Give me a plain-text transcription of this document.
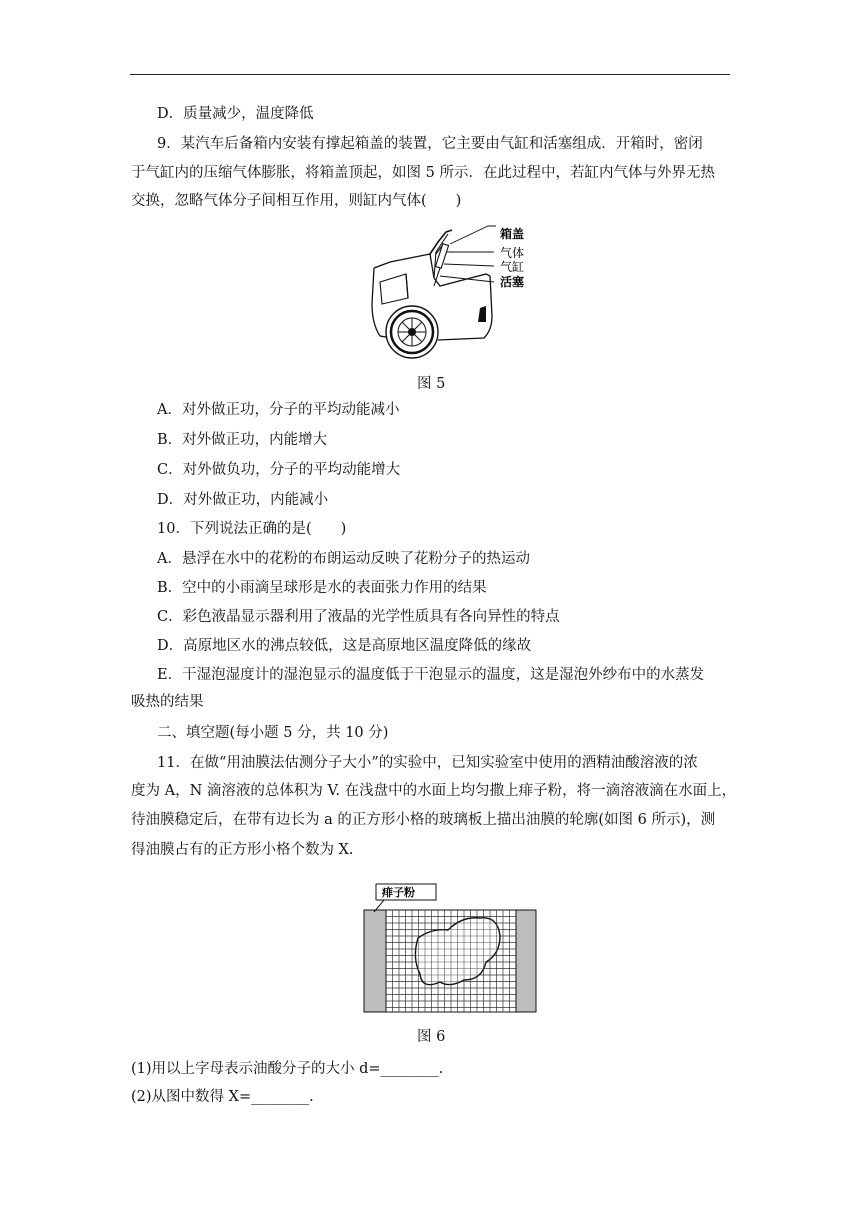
D．质量减少，温度降低
9．某汽车后备箱内安装有撑起箱盖的装置，它主要由气缸和活塞组成．开箱时，密闭
于气缸内的压缩气体膨胀，将箱盖顶起，如图 5 所示．在此过程中，若缸内气体与外界无热
交换，忽略气体分子间相互作用，则缸内气体(　　)
箱盖
气体
气缸
活塞
图 5
A．对外做正功，分子的平均动能减小
B．对外做正功，内能增大
C．对外做负功，分子的平均动能增大
D．对外做正功，内能减小
10．下列说法正确的是(　　)
A．悬浮在水中的花粉的布朗运动反映了花粉分子的热运动
B．空中的小雨滴呈球形是水的表面张力作用的结果
C．彩色液晶显示器利用了液晶的光学性质具有各向异性的特点
D．高原地区水的沸点较低，这是高原地区温度降低的缘故
E．干湿泡湿度计的湿泡显示的温度低于干泡显示的温度，这是湿泡外纱布中的水蒸发
吸热的结果
二、填空题(每小题 5 分，共 10 分)
11．在做“用油膜法估测分子大小”的实验中，已知实验室中使用的酒精油酸溶液的浓
度为 A，N 滴溶液的总体积为 V. 在浅盘中的水面上均匀撒上痱子粉，将一滴溶液滴在水面上，
待油膜稳定后，在带有边长为 a 的正方形小格的玻璃板上描出油膜的轮廓(如图 6 所示)，测
得油膜占有的正方形小格个数为 X.
痱子粉
图 6
(1)用以上字母表示油酸分子的大小 d=________.
(2)从图中数得 X=________.
